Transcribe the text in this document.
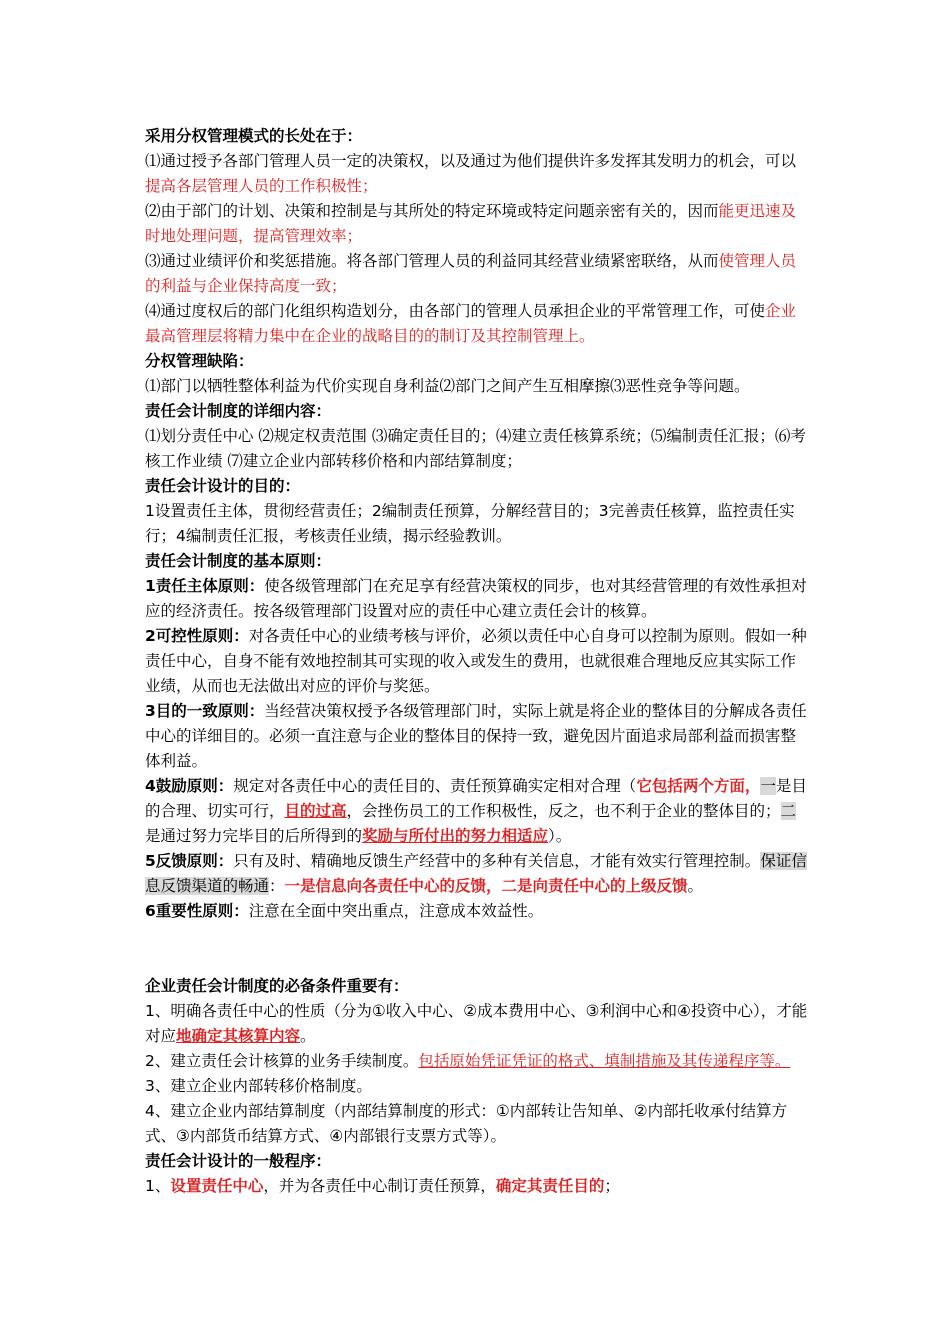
采用分权管理模式的长处在于：

⑴通过授予各部门管理人员一定的决策权，以及通过为他们提供许多发挥其发明力的机会，可以提高各层管理人员的工作积极性；

⑵由于部门的计划、决策和控制是与其所处的特定环境或特定问题亲密有关的，因而能更迅速及时地处理问题，提高管理效率；

⑶通过业绩评价和奖惩措施。将各部门管理人员的利益同其经营业绩紧密联络，从而使管理人员的利益与企业保持高度一致；

⑷通过度权后的部门化组织构造划分，由各部门的管理人员承担企业的平常管理工作，可使企业最高管理层将精力集中在企业的战略目的的制订及其控制管理上。

分权管理缺陷：

⑴部门以牺牲整体利益为代价实现自身利益⑵部门之间产生互相摩擦⑶恶性竞争等问题。

责任会计制度的详细内容：

⑴划分责任中心 ⑵规定权责范围 ⑶确定责任目的；⑷建立责任核算系统；⑸编制责任汇报；⑹考核工作业绩 ⑺建立企业内部转移价格和内部结算制度；

责任会计设计的目的：

1设置责任主体，贯彻经营责任；2编制责任预算，分解经营目的；3完善责任核算，监控责任实行；4编制责任汇报，考核责任业绩，揭示经验教训。

责任会计制度的基本原则：

1责任主体原则：使各级管理部门在充足享有经营决策权的同步，也对其经营管理的有效性承担对应的经济责任。按各级管理部门设置对应的责任中心建立责任会计的核算。

2可控性原则：对各责任中心的业绩考核与评价，必须以责任中心自身可以控制为原则。假如一种责任中心，自身不能有效地控制其可实现的收入或发生的费用，也就很难合理地反应其实际工作业绩，从而也无法做出对应的评价与奖惩。

3目的一致原则：当经营决策权授予各级管理部门时，实际上就是将企业的整体目的分解成各责任中心的详细目的。必须一直注意与企业的整体目的保持一致，避免因片面追求局部利益而损害整体利益。

4鼓励原则：规定对各责任中心的责任目的、责任预算确实定相对合理（它包括两个方面，一是目的合理、切实可行，目的过高，会挫伤员工的工作积极性，反之，也不利于企业的整体目的；二是通过努力完毕目的后所得到的奖励与所付出的努力相适应）。

5反馈原则：只有及时、精确地反馈生产经营中的多种有关信息，才能有效实行管理控制。保证信息反馈渠道的畅通：一是信息向各责任中心的反馈，二是向责任中心的上级反馈。

6重要性原则：注意在全面中突出重点，注意成本效益性。

企业责任会计制度的必备条件重要有：

1、明确各责任中心的性质（分为①收入中心、②成本费用中心、③利润中心和④投资中心），才能对应地确定其核算内容。

2、建立责任会计核算的业务手续制度。包括原始凭证凭证的格式、填制措施及其传递程序等。

3、建立企业内部转移价格制度。

4、建立企业内部结算制度（内部结算制度的形式：①内部转让告知单、②内部托收承付结算方式、③内部货币结算方式、④内部银行支票方式等）。

责任会计设计的一般程序：

1、设置责任中心，并为各责任中心制订责任预算，确定其责任目的；
